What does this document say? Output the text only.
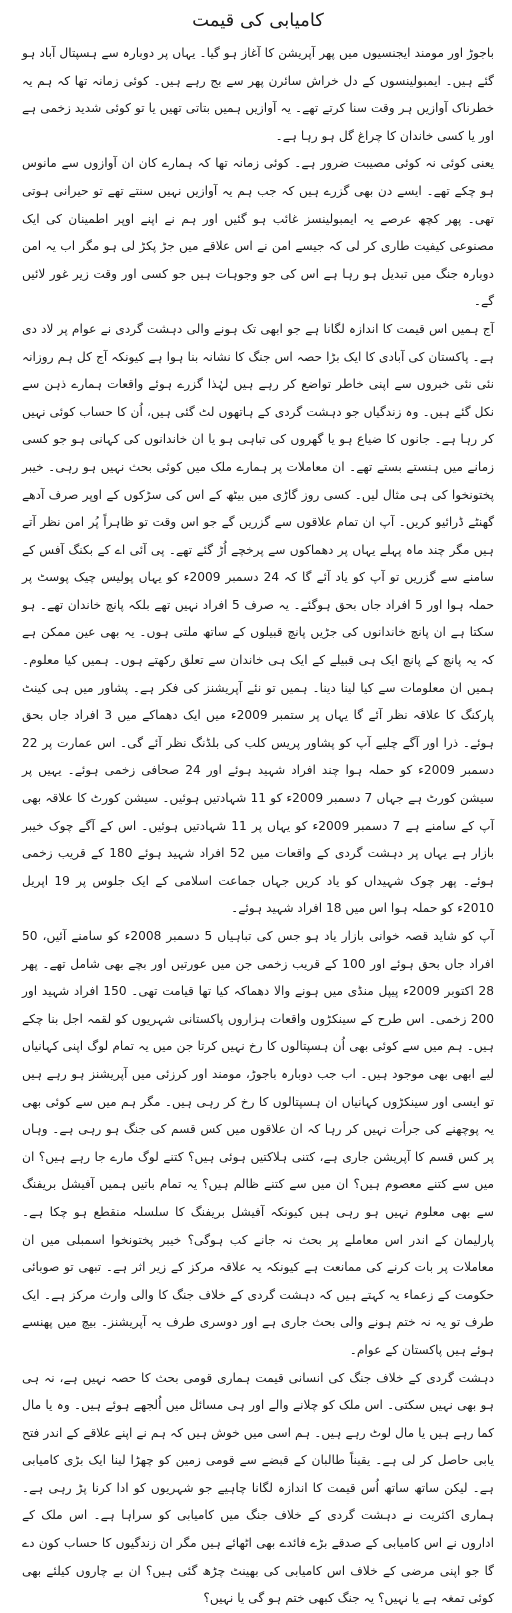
کامیابی کی قیمت

باجوڑ اور مومند ایجنسیوں میں پھر آپریشن کا آغاز ہو گیا۔ یہاں پر دوبارہ سے ہسپتال آباد ہو گئے ہیں۔ ایمبولینسوں کے دل خراش سائرن پھر سے بج رہے ہیں۔ کوئی زمانہ تھا کہ ہم یہ خطرناک آوازیں ہر وقت سنا کرتے تھے۔ یہ آوازیں ہمیں بتاتی تھیں یا تو کوئی شدید زخمی ہے اور یا کسی خاندان کا چراغ گل ہو رہا ہے۔

یعنی کوئی نہ کوئی مصیبت ضرور ہے۔ کوئی زمانہ تھا کہ ہمارے کان ان آوازوں سے مانوس ہو چکے تھے۔ ایسے دن بھی گزرے ہیں کہ جب ہم یہ آوازیں نہیں سنتے تھے تو حیرانی ہوتی تھی۔ پھر کچھ عرصے یہ ایمبولینسز غائب ہو گئیں اور ہم نے اپنے اوپر اطمینان کی ایک مصنوعی کیفیت طاری کر لی کہ جیسے امن نے اس علاقے میں جڑ پکڑ لی ہو مگر اب یہ امن دوبارہ جنگ میں تبدیل ہو رہا ہے اس کی جو وجوہات ہیں جو کسی اور وقت زیر غور لائیں گے۔

آج ہمیں اس قیمت کا اندازہ لگانا ہے جو ابھی تک ہونے والی دہشت گردی نے عوام پر لاد دی ہے۔ پاکستان کی آبادی کا ایک بڑا حصہ اس جنگ کا نشانہ بنا ہوا ہے کیونکہ آج کل ہم روزانہ نئی نئی خبروں سے اپنی خاطر تواضع کر رہے ہیں لہٰذا گزرے ہوئے واقعات ہمارے ذہن سے نکل گئے ہیں۔ وہ زندگیاں جو دہشت گردی کے ہاتھوں لٹ گئی ہیں، اُن کا حساب کوئی نہیں کر رہا ہے۔ جانوں کا ضیاع ہو یا گھروں کی تباہی ہو یا ان خاندانوں کی کہانی ہو جو کسی زمانے میں ہنستے بستے تھے۔ ان معاملات پر ہمارے ملک میں کوئی بحث نہیں ہو رہی۔ خیبر پختونخوا کی ہی مثال لیں۔ کسی روز گاڑی میں بیٹھ کے اس کی سڑکوں کے اوپر صرف آدھے گھنٹے ڈرائیو کریں۔ آپ ان تمام علاقوں سے گزریں گے جو اس وقت تو ظاہراً پُر امن نظر آتے ہیں مگر چند ماہ پہلے یہاں پر دھماکوں سے پرخچے اُڑ گئے تھے۔ پی آئی اے کے بکنگ آفس کے سامنے سے گزریں تو آپ کو یاد آئے گا کہ 24 دسمبر 2009ء کو یہاں پولیس چیک پوسٹ پر حملہ ہوا اور 5 افراد جاں بحق ہوگئے۔ یہ صرف 5 افراد نہیں تھے بلکہ پانچ خاندان تھے۔ ہو سکتا ہے ان پانچ خاندانوں کی جڑیں پانچ قبیلوں کے ساتھ ملتی ہوں۔ یہ بھی عین ممکن ہے کہ یہ پانچ کے پانچ ایک ہی قبیلے کے ایک ہی خاندان سے تعلق رکھتے ہوں۔ ہمیں کیا معلوم۔ ہمیں ان معلومات سے کیا لینا دینا۔ ہمیں تو نئے آپریشنز کی فکر ہے۔ پشاور میں ہی کینٹ پارکنگ کا علاقہ نظر آئے گا یہاں پر ستمبر 2009ء میں ایک دھماکے میں 3 افراد جاں بحق ہوئے۔ ذرا اور آگے چلیے آپ کو پشاور پریس کلب کی بلڈنگ نظر آئے گی۔ اس عمارت پر 22 دسمبر 2009ء کو حملہ ہوا چند افراد شہید ہوئے اور 24 صحافی زخمی ہوئے۔ یہیں پر سیشن کورٹ ہے جہاں 7 دسمبر 2009ء کو 11 شہادتیں ہوئیں۔ سیشن کورٹ کا علاقہ بھی آپ کے سامنے ہے 7 دسمبر 2009ء کو یہاں پر 11 شہادتیں ہوئیں۔ اس کے آگے چوک خیبر بازار ہے یہاں پر دہشت گردی کے واقعات میں 52 افراد شہید ہوئے 180 کے قریب زخمی ہوئے۔ پھر چوک شہیداں کو یاد کریں جہاں جماعت اسلامی کے ایک جلوس پر 19 اپریل 2010ء کو حملہ ہوا اس میں 18 افراد شہید ہوئے۔

آپ کو شاید قصہ خوانی بازار یاد ہو جس کی تباہیاں 5 دسمبر 2008ء کو سامنے آئیں، 50 افراد جاں بحق ہوئے اور 100 کے قریب زخمی جن میں عورتیں اور بچے بھی شامل تھے۔ پھر 28 اکتوبر 2009ء پیپل منڈی میں ہونے والا دھماکہ کیا تھا قیامت تھی۔ 150 افراد شہید اور 200 زخمی۔ اس طرح کے سینکڑوں واقعات ہزاروں پاکستانی شہریوں کو لقمہ اجل بنا چکے ہیں۔ ہم میں سے کوئی بھی اُن ہسپتالوں کا رخ نہیں کرتا جن میں یہ تمام لوگ اپنی کہانیاں لیے ابھی بھی موجود ہیں۔ اب جب دوبارہ باجوڑ، مومند اور کرزئی میں آپریشنز ہو رہے ہیں تو ایسی اور سینکڑوں کہانیاں ان ہسپتالوں کا رخ کر رہی ہیں۔ مگر ہم میں سے کوئی بھی یہ پوچھنے کی جرأت نہیں کر رہا کہ ان علاقوں میں کس قسم کی جنگ ہو رہی ہے۔ وہاں پر کس قسم کا آپریشن جاری ہے، کتنی ہلاکتیں ہوئی ہیں؟ کتنے لوگ مارے جا رہے ہیں؟ ان میں سے کتنے معصوم ہیں؟ ان میں سے کتنے ظالم ہیں؟ یہ تمام باتیں ہمیں آفیشل بریفنگ سے بھی معلوم نہیں ہو رہی ہیں کیونکہ آفیشل بریفنگ کا سلسلہ منقطع ہو چکا ہے۔ پارلیمان کے اندر اس معاملے پر بحث نہ جانے کب ہوگی؟ خیبر پختونخوا اسمبلی میں ان معاملات پر بات کرنے کی ممانعت ہے کیونکہ یہ علاقہ مرکز کے زیر اثر ہے۔ تبھی تو صوبائی حکومت کے زعماء یہ کہتے ہیں کہ دہشت گردی کے خلاف جنگ کا والی وارث مرکز ہے۔ ایک طرف تو یہ نہ ختم ہونے والی بحث جاری ہے اور دوسری طرف یہ آپریشنز۔ بیچ میں پھنسے ہوئے ہیں پاکستان کے عوام۔

دہشت گردی کے خلاف جنگ کی انسانی قیمت ہماری قومی بحث کا حصہ نہیں ہے، نہ ہی ہو بھی نہیں سکتی۔ اس ملک کو چلانے والے اور ہی مسائل میں اُلجھے ہوئے ہیں۔ وہ یا مال کما رہے ہیں یا مال لوٹ رہے ہیں۔ ہم اسی میں خوش ہیں کہ ہم نے اپنے علاقے کے اندر فتح یابی حاصل کر لی ہے۔ یقیناً طالبان کے قبضے سے قومی زمین کو چھڑا لینا ایک بڑی کامیابی ہے۔ لیکن ساتھ ساتھ اُس قیمت کا اندازہ لگانا چاہیے جو شہریوں کو ادا کرنا پڑ رہی ہے۔ ہماری اکثریت نے دہشت گردی کے خلاف جنگ میں کامیابی کو سراہا ہے۔ اس ملک کے اداروں نے اس کامیابی کے صدقے بڑے فائدے بھی اٹھائے ہیں مگر ان زندگیوں کا حساب کون دے گا جو اپنی مرضی کے خلاف اس کامیابی کی بھینٹ چڑھ گئی ہیں؟ ان بے چاروں کیلئے بھی کوئی تمغہ ہے یا نہیں؟ یہ جنگ کبھی ختم ہو گی یا نہیں؟
